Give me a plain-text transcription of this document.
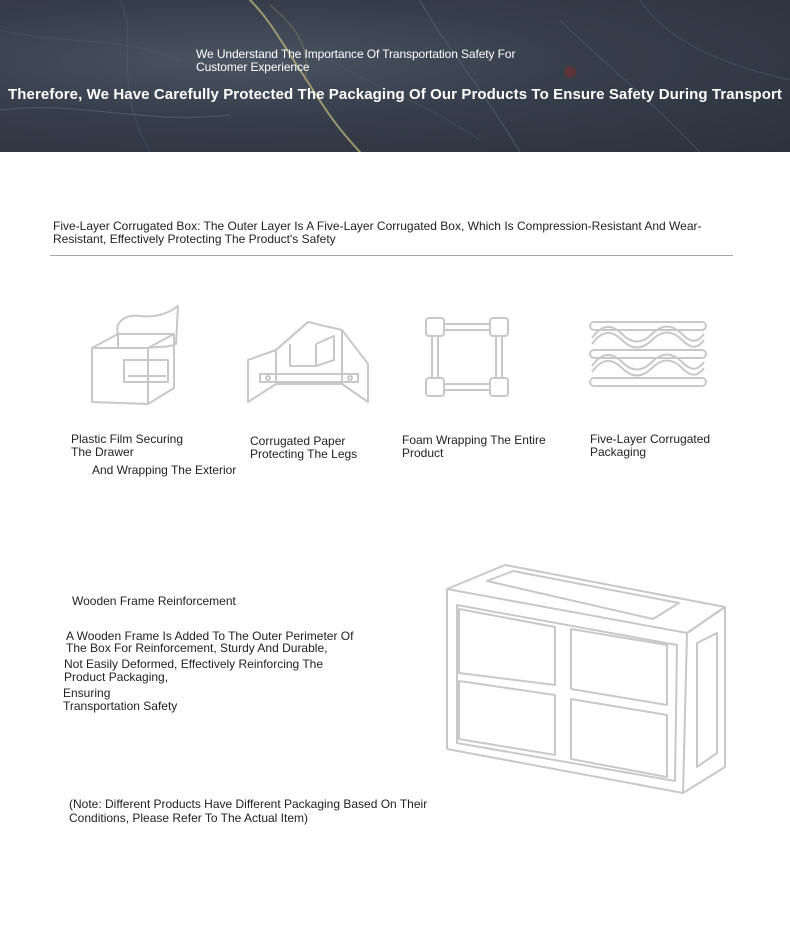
We Understand The Importance Of Transportation Safety For Customer Experience
Therefore, We Have Carefully Protected The Packaging Of Our Products To Ensure Safety During Transport
Five-Layer Corrugated Box: The Outer Layer Is A Five-Layer Corrugated Box, Which Is Compression-Resistant And Wear-Resistant, Effectively Protecting The Product's Safety
Plastic Film Securing
The Drawer
And Wrapping The Exterior
Corrugated Paper Protecting The Legs
Foam Wrapping The Entire Product
Five-Layer Corrugated Packaging
Wooden Frame Reinforcement
A Wooden Frame Is Added To The Outer Perimeter Of The Box For Reinforcement, Sturdy And Durable,
Not Easily Deformed, Effectively Reinforcing The Product Packaging,
Ensuring Transportation Safety
(Note: Different Products Have Different Packaging Based On Their Conditions, Please Refer To The Actual Item)
